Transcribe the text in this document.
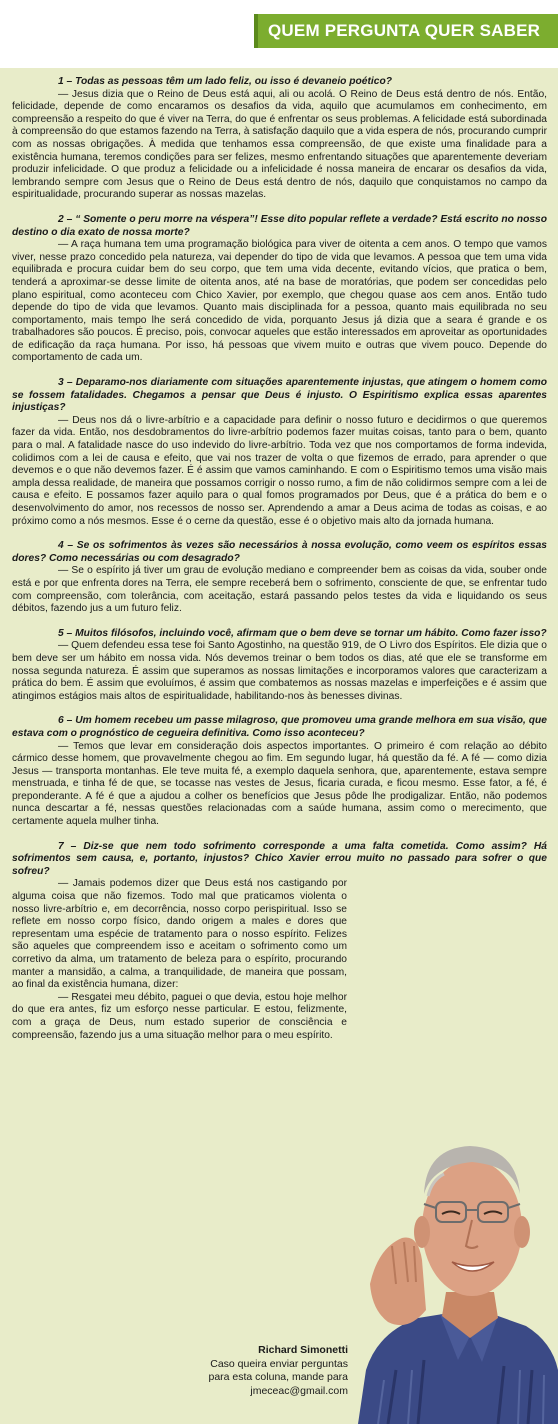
QUEM PERGUNTA QUER SABER

1 – Todas as pessoas têm um lado feliz, ou isso é devaneio poético?

— Jesus dizia que o Reino de Deus está aqui, ali ou acolá. O Reino de Deus está dentro de nós. Então, felicidade, depende de como encaramos os desafios da vida, aquilo que acumulamos em conhecimento, em compreensão a respeito do que é viver na Terra, do que é enfrentar os seus problemas. A felicidade está subordinada à compreensão do que estamos fazendo na Terra, à satisfação daquilo que a vida espera de nós, procurando cumprir com as nossas obrigações. À medida que tenhamos essa compreensão, de que existe uma finalidade para a existência humana, teremos condições para ser felizes, mesmo enfrentando situações que aparentemente deveriam produzir infelicidade. O que produz a felicidade ou a infelicidade é nossa maneira de encarar os desafios da vida, lembrando sempre com Jesus que o Reino de Deus está dentro de nós, daquilo que conquistamos no campo da espiritualidade, procurando superar as nossas mazelas.

2 – “ Somente o peru morre na véspera”! Esse dito popular reflete a verdade? Está escrito no nosso destino o dia exato de nossa morte?

— A raça humana tem uma programação biológica para viver de oitenta a cem anos. O tempo que vamos viver, nesse prazo concedido pela natureza, vai depender do tipo de vida que levamos. A pessoa que tem uma vida equilibrada e procura cuidar bem do seu corpo, que tem uma vida decente, evitando vícios, que pratica o bem, tenderá a aproximar-se desse limite de oitenta anos, até na base de moratórias, que podem ser concedidas pelo plano espiritual, como aconteceu com Chico Xavier, por exemplo, que chegou quase aos cem anos. Então tudo depende do tipo de vida que levamos. Quanto mais disciplinada for a pessoa, quanto mais equilibrada no seu comportamento, mais tempo lhe será concedido de vida, porquanto Jesus já dizia que a seara é grande e os trabalhadores são poucos. É preciso, pois, convocar aqueles que estão interessados em aproveitar as oportunidades de edificação da raça humana. Por isso, há pessoas que vivem muito e outras que vivem pouco. Depende do comportamento de cada um.

3 – Deparamo-nos diariamente com situações aparentemente injustas, que atingem o homem como se fossem fatalidades. Chegamos a pensar que Deus é injusto. O Espiritismo explica essas aparentes injustiças?

— Deus nos dá o livre-arbítrio e a capacidade para definir o nosso futuro e decidirmos o que queremos fazer da vida. Então, nos desdobramentos do livre-arbítrio podemos fazer muitas coisas, tanto para o bem, quanto para o mal. A fatalidade nasce do uso indevido do livre-arbítrio. Toda vez que nos comportamos de forma indevida, colidimos com a lei de causa e efeito, que vai nos trazer de volta o que fizemos de errado, para aprender o que devemos e o que não devemos fazer. É é assim que vamos caminhando. E com o Espiritismo temos uma visão mais ampla dessa realidade, de maneira que possamos corrigir o nosso rumo, a fim de não colidirmos sempre com a lei de causa e efeito. E possamos fazer aquilo para o qual fomos programados por Deus, que é a prática do bem e o desenvolvimento do amor, nos recessos de nosso ser. Aprendendo a amar a Deus acima de todas as coisas, e ao próximo como a nós mesmos. Esse é o cerne da questão, esse é o objetivo mais alto da jornada humana.

4 – Se os sofrimentos às vezes são necessários à nossa evolução, como veem os espíritos essas dores? Como necessárias ou com desagrado?

— Se o espírito já tiver um grau de evolução mediano e compreender bem as coisas da vida, souber onde está e por que enfrenta dores na Terra, ele sempre receberá bem o sofrimento, consciente de que, se enfrentar tudo com compreensão, com tolerância, com aceitação, estará passando pelos testes da vida e liquidando os seus débitos, fazendo jus a um futuro feliz.

5 – Muitos filósofos, incluindo você, afirmam que o bem deve se tornar um hábito. Como fazer isso?

— Quem defendeu essa tese foi Santo Agostinho, na questão 919, de O Livro dos Espíritos. Ele dizia que o bem deve ser um hábito em nossa vida. Nós devemos treinar o bem todos os dias, até que ele se transforme em nossa segunda natureza. É assim que superamos as nossas limitações e incorporamos valores que caracterizam a prática do bem. É assim que evoluímos, é assim que combatemos as nossas mazelas e imperfeições e é assim que atingimos estágios mais altos de espiritualidade, habilitando-nos às benesses divinas.

6 – Um homem recebeu um passe milagroso, que promoveu uma grande melhora em sua visão, que estava com o prognóstico de cegueira definitiva. Como isso aconteceu?

— Temos que levar em consideração dois aspectos importantes. O primeiro é com relação ao débito cármico desse homem, que provavelmente chegou ao fim. Em segundo lugar, há questão da fé. A fé — como dizia Jesus — transporta montanhas. Ele teve muita fé, a exemplo daquela senhora, que, aparentemente, estava sempre menstruada, e tinha fé de que, se tocasse nas vestes de Jesus, ficaria curada, e ficou mesmo. Esse fator, a fé, é preponderante. A fé é que a ajudou a colher os benefícios que Jesus pôde lhe prodigalizar. Então, não podemos nunca descartar a fé, nessas questões relacionadas com a saúde humana, assim como o merecimento, que certamente aquela mulher tinha.

7 – Diz-se que nem todo sofrimento corresponde a uma falta cometida. Como assim? Há sofrimentos sem causa, e, portanto, injustos? Chico Xavier errou muito no passado para sofrer o que sofreu?

— Jamais podemos dizer que Deus está nos castigando por alguma coisa que não fizemos. Todo mal que praticamos violenta o nosso livre-arbítrio e, em decorrência, nosso corpo perispiritual. Isso se reflete em nosso corpo físico, dando origem a males e dores que representam uma espécie de tratamento para o nosso espírito. Felizes são aqueles que compreendem isso e aceitam o sofrimento como um corretivo da alma, um tratamento de beleza para o espírito, procurando manter a mansidão, a calma, a tranquilidade, de maneira que possam, ao final da existência humana, dizer:

— Resgatei meu débito, paguei o que devia, estou hoje melhor do que era antes, fiz um esforço nesse particular. E estou, felizmente, com a graça de Deus, num estado superior de consciência e compreensão, fazendo jus a uma situação melhor para o meu espírito.

Richard Simonetti
Caso queira enviar perguntas
para esta coluna, mande para
jmeceac@gmail.com
